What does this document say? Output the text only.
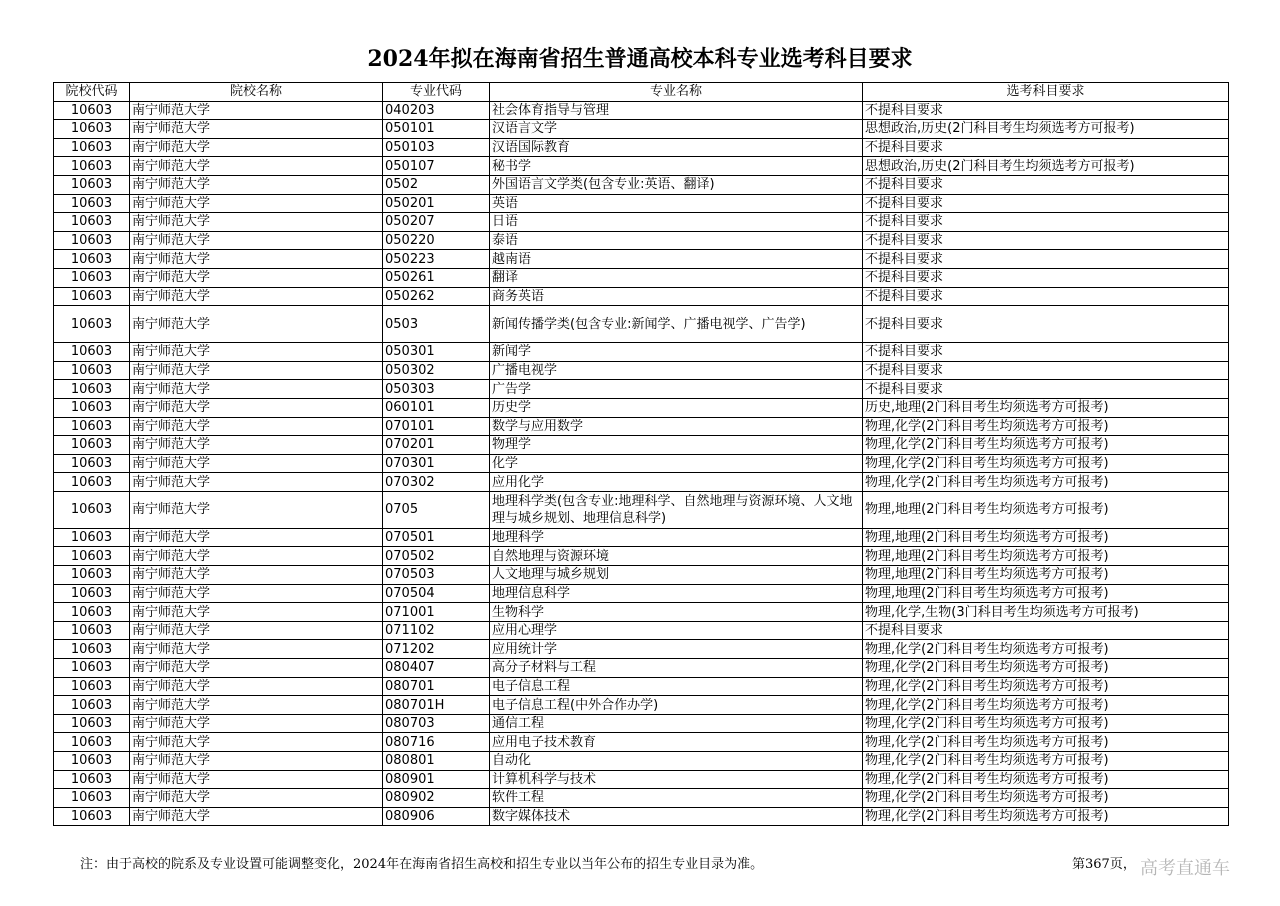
2024年拟在海南省招生普通高校本科专业选考科目要求
院校代码	院校名称	专业代码	专业名称	选考科目要求
10603	南宁师范大学	040203	社会体育指导与管理	不提科目要求
10603	南宁师范大学	050101	汉语言文学	思想政治,历史(2门科目考生均须选考方可报考)
10603	南宁师范大学	050103	汉语国际教育	不提科目要求
10603	南宁师范大学	050107	秘书学	思想政治,历史(2门科目考生均须选考方可报考)
10603	南宁师范大学	0502	外国语言文学类(包含专业:英语、翻译)	不提科目要求
10603	南宁师范大学	050201	英语	不提科目要求
10603	南宁师范大学	050207	日语	不提科目要求
10603	南宁师范大学	050220	泰语	不提科目要求
10603	南宁师范大学	050223	越南语	不提科目要求
10603	南宁师范大学	050261	翻译	不提科目要求
10603	南宁师范大学	050262	商务英语	不提科目要求
10603	南宁师范大学	0503	新闻传播学类(包含专业:新闻学、广播电视学、广告学)	不提科目要求
10603	南宁师范大学	050301	新闻学	不提科目要求
10603	南宁师范大学	050302	广播电视学	不提科目要求
10603	南宁师范大学	050303	广告学	不提科目要求
10603	南宁师范大学	060101	历史学	历史,地理(2门科目考生均须选考方可报考)
10603	南宁师范大学	070101	数学与应用数学	物理,化学(2门科目考生均须选考方可报考)
10603	南宁师范大学	070201	物理学	物理,化学(2门科目考生均须选考方可报考)
10603	南宁师范大学	070301	化学	物理,化学(2门科目考生均须选考方可报考)
10603	南宁师范大学	070302	应用化学	物理,化学(2门科目考生均须选考方可报考)
10603	南宁师范大学	0705	地理科学类(包含专业:地理科学、自然地理与资源环境、人文地理与城乡规划、地理信息科学)	物理,地理(2门科目考生均须选考方可报考)
10603	南宁师范大学	070501	地理科学	物理,地理(2门科目考生均须选考方可报考)
10603	南宁师范大学	070502	自然地理与资源环境	物理,地理(2门科目考生均须选考方可报考)
10603	南宁师范大学	070503	人文地理与城乡规划	物理,地理(2门科目考生均须选考方可报考)
10603	南宁师范大学	070504	地理信息科学	物理,地理(2门科目考生均须选考方可报考)
10603	南宁师范大学	071001	生物科学	物理,化学,生物(3门科目考生均须选考方可报考)
10603	南宁师范大学	071102	应用心理学	不提科目要求
10603	南宁师范大学	071202	应用统计学	物理,化学(2门科目考生均须选考方可报考)
10603	南宁师范大学	080407	高分子材料与工程	物理,化学(2门科目考生均须选考方可报考)
10603	南宁师范大学	080701	电子信息工程	物理,化学(2门科目考生均须选考方可报考)
10603	南宁师范大学	080701H	电子信息工程(中外合作办学)	物理,化学(2门科目考生均须选考方可报考)
10603	南宁师范大学	080703	通信工程	物理,化学(2门科目考生均须选考方可报考)
10603	南宁师范大学	080716	应用电子技术教育	物理,化学(2门科目考生均须选考方可报考)
10603	南宁师范大学	080801	自动化	物理,化学(2门科目考生均须选考方可报考)
10603	南宁师范大学	080901	计算机科学与技术	物理,化学(2门科目考生均须选考方可报考)
10603	南宁师范大学	080902	软件工程	物理,化学(2门科目考生均须选考方可报考)
10603	南宁师范大学	080906	数字媒体技术	物理,化学(2门科目考生均须选考方可报考)
注：由于高校的院系及专业设置可能调整变化，2024年在海南省招生高校和招生专业以当年公布的招生专业目录为准。	第367页， 高考直通车
